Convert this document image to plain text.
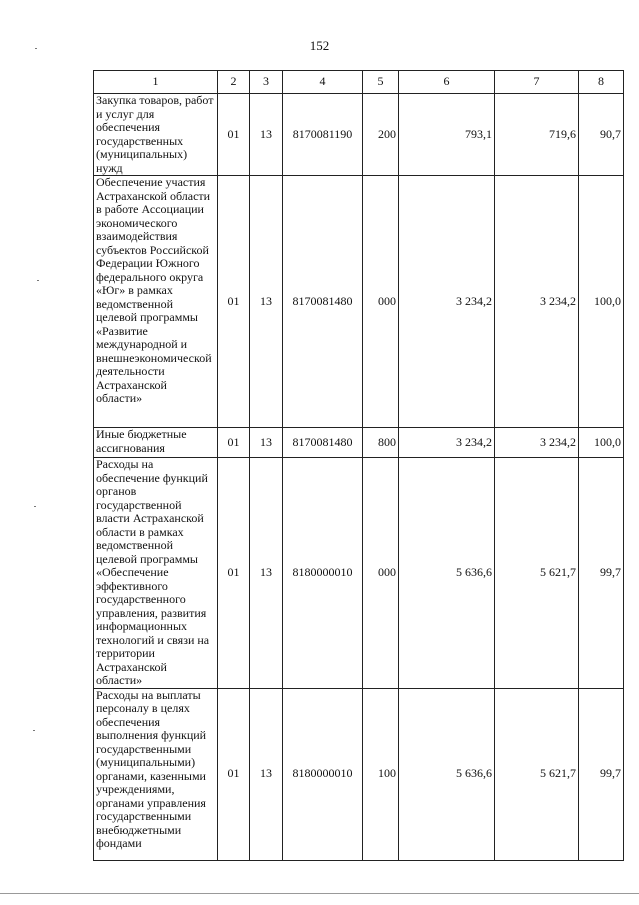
152
1	2	3	4	5	6	7	8
Закупка товаров, работ и услуг для обеспечения государственных (муниципальных) нужд	01	13	8170081190	200	793,1	719,6	90,7
Обеспечение участия Астраханской области в работе Ассоциации экономического взаимодействия субъектов Российской Федерации Южного федерального округа «Юг» в рамках ведомственной целевой программы «Развитие международной и внешнеэкономической деятельности Астраханской области»	01	13	8170081480	000	3 234,2	3 234,2	100,0
Иные бюджетные ассигнования	01	13	8170081480	800	3 234,2	3 234,2	100,0
Расходы на обеспечение функций органов государственной власти Астраханской области в рамках ведомственной целевой программы «Обеспечение эффективного государственного управления, развития информационных технологий и связи на территории Астраханской области»	01	13	8180000010	000	5 636,6	5 621,7	99,7
Расходы на выплаты персоналу в целях обеспечения выполнения функций государственными (муниципальными) органами, казенными учреждениями, органами управления государственными внебюджетными фондами	01	13	8180000010	100	5 636,6	5 621,7	99,7
